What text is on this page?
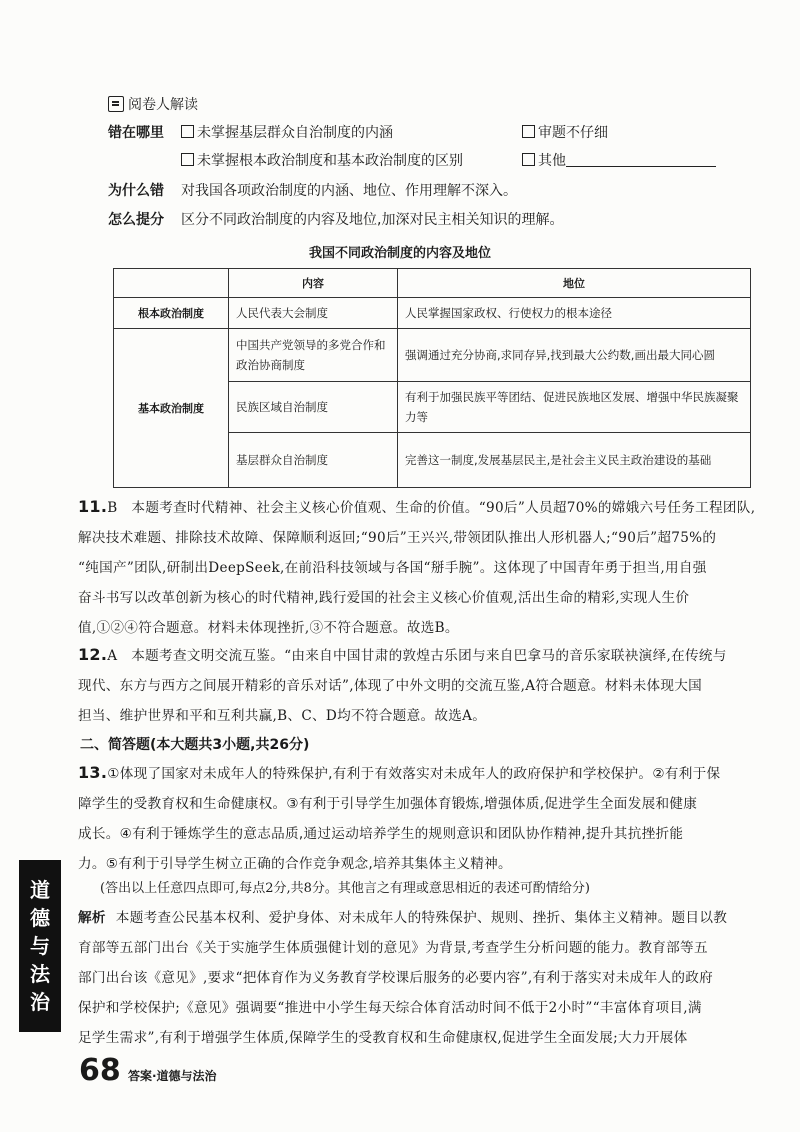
阅卷人解读
错在哪里	未掌握基层群众自治制度的内涵	审题不仔细
未掌握根本政治制度和基本政治制度的区别	其他
为什么错 对我国各项政治制度的内涵、地位、作用理解不深入。
怎么提分 区分不同政治制度的内容及地位,加深对民主相关知识的理解。
我国不同政治制度的内容及地位
	内容	地位
根本政治制度	人民代表大会制度	人民掌握国家政权、行使权力的根本途径
基本政治制度	中国共产党领导的多党合作和政治协商制度	强调通过充分协商,求同存异,找到最大公约数,画出最大同心圆
	民族区域自治制度	有利于加强民族平等团结、促进民族地区发展、增强中华民族凝聚力等
	基层群众自治制度	完善这一制度,发展基层民主,是社会主义民主政治建设的基础
11.B　本题考查时代精神、社会主义核心价值观、生命的价值。“90后”人员超70%的嫦娥六号任务工程团队,
解决技术难题、排除技术故障、保障顺利返回;“90后”王兴兴,带领团队推出人形机器人;“90后”超75%的
“纯国产”团队,研制出DeepSeek,在前沿科技领域与各国“掰手腕”。这体现了中国青年勇于担当,用自强
奋斗书写以改革创新为核心的时代精神,践行爱国的社会主义核心价值观,活出生命的精彩,实现人生价
值,①②④符合题意。材料未体现挫折,③不符合题意。故选B。
12.A　本题考查文明交流互鉴。“由来自中国甘肃的敦煌古乐团与来自巴拿马的音乐家联袂演绎,在传统与
现代、东方与西方之间展开精彩的音乐对话”,体现了中外文明的交流互鉴,A符合题意。材料未体现大国
担当、维护世界和平和互利共赢,B、C、D均不符合题意。故选A。
二、简答题(本大题共3小题,共26分)
13.①体现了国家对未成年人的特殊保护,有利于有效落实对未成年人的政府保护和学校保护。②有利于保
障学生的受教育权和生命健康权。③有利于引导学生加强体育锻炼,增强体质,促进学生全面发展和健康
成长。④有利于锤炼学生的意志品质,通过运动培养学生的规则意识和团队协作精神,提升其抗挫折能
力。⑤有利于引导学生树立正确的合作竞争观念,培养其集体主义精神。
(答出以上任意四点即可,每点2分,共8分。其他言之有理或意思相近的表述可酌情给分)
解析 本题考查公民基本权利、爱护身体、对未成年人的特殊保护、规则、挫折、集体主义精神。题目以教
育部等五部门出台《关于实施学生体质强健计划的意见》为背景,考查学生分析问题的能力。教育部等五
部门出台该《意见》,要求“把体育作为义务教育学校课后服务的必要内容”,有利于落实对未成年人的政府
保护和学校保护;《意见》强调要“推进中小学生每天综合体育活动时间不低于2小时”“丰富体育项目,满
足学生需求”,有利于增强学生体质,保障学生的受教育权和生命健康权,促进学生全面发展;大力开展体
道
德
与
法
治
68 答案·道德与法治
